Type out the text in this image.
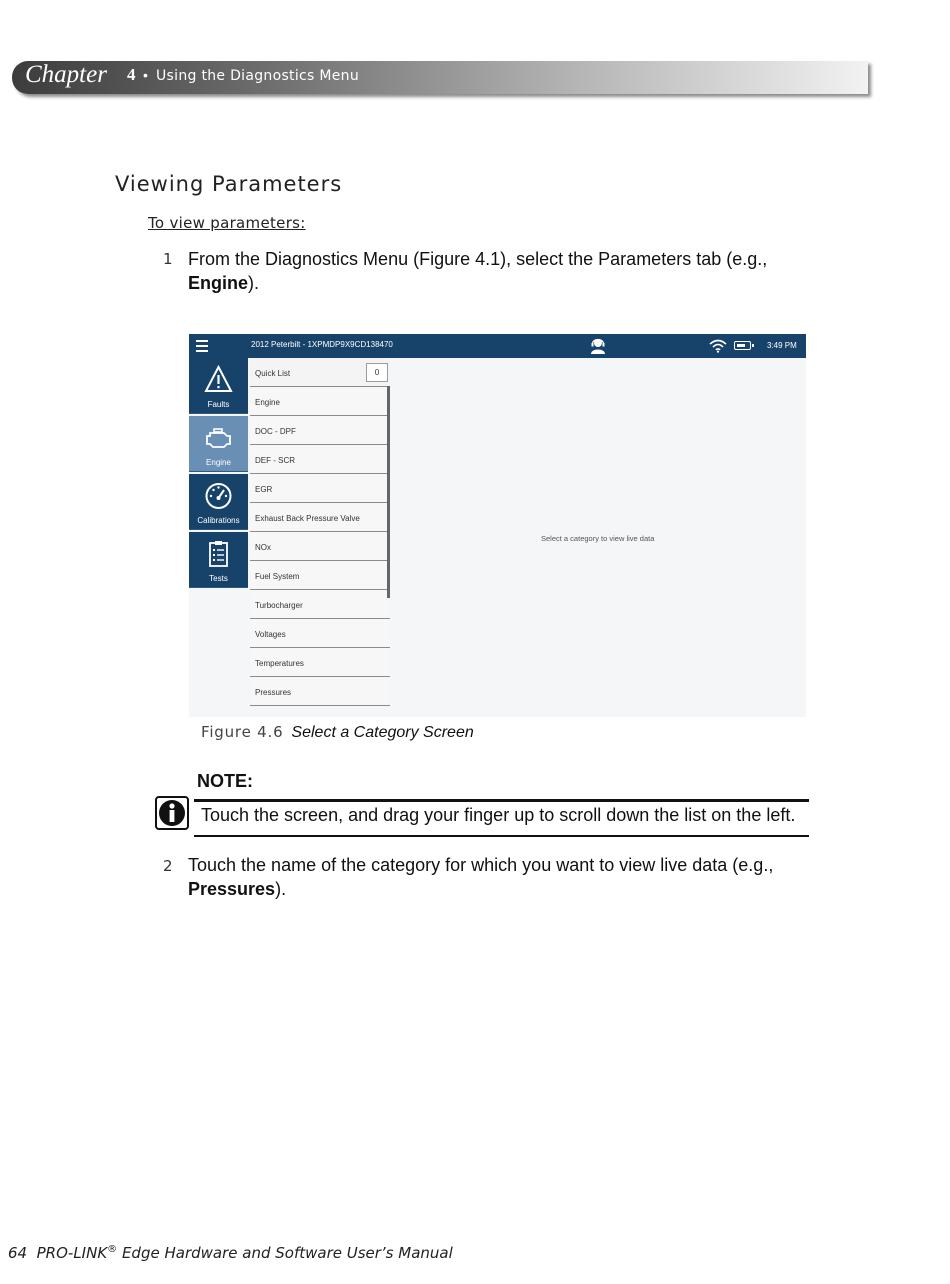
Chapter 4 • Using the Diagnostics Menu
Viewing Parameters
To view parameters:
1 From the Diagnostics Menu (Figure 4.1), select the Parameters tab (e.g., Engine).
2012 Peterbilt - 1XPMDP9X9CD138470	3:49 PM
Faults
Engine
Calibrations
Tests
Quick List	0
Engine
DOC - DPF
DEF - SCR
EGR
Exhaust Back Pressure Valve
NOx
Fuel System
Turbocharger
Voltages
Temperatures
Pressures
Select a category to view live data
Figure 4.6 Select a Category Screen
NOTE:
Touch the screen, and drag your finger up to scroll down the list on the left.
2 Touch the name of the category for which you want to view live data (e.g., Pressures).
64 PRO-LINK® Edge Hardware and Software User’s Manual
